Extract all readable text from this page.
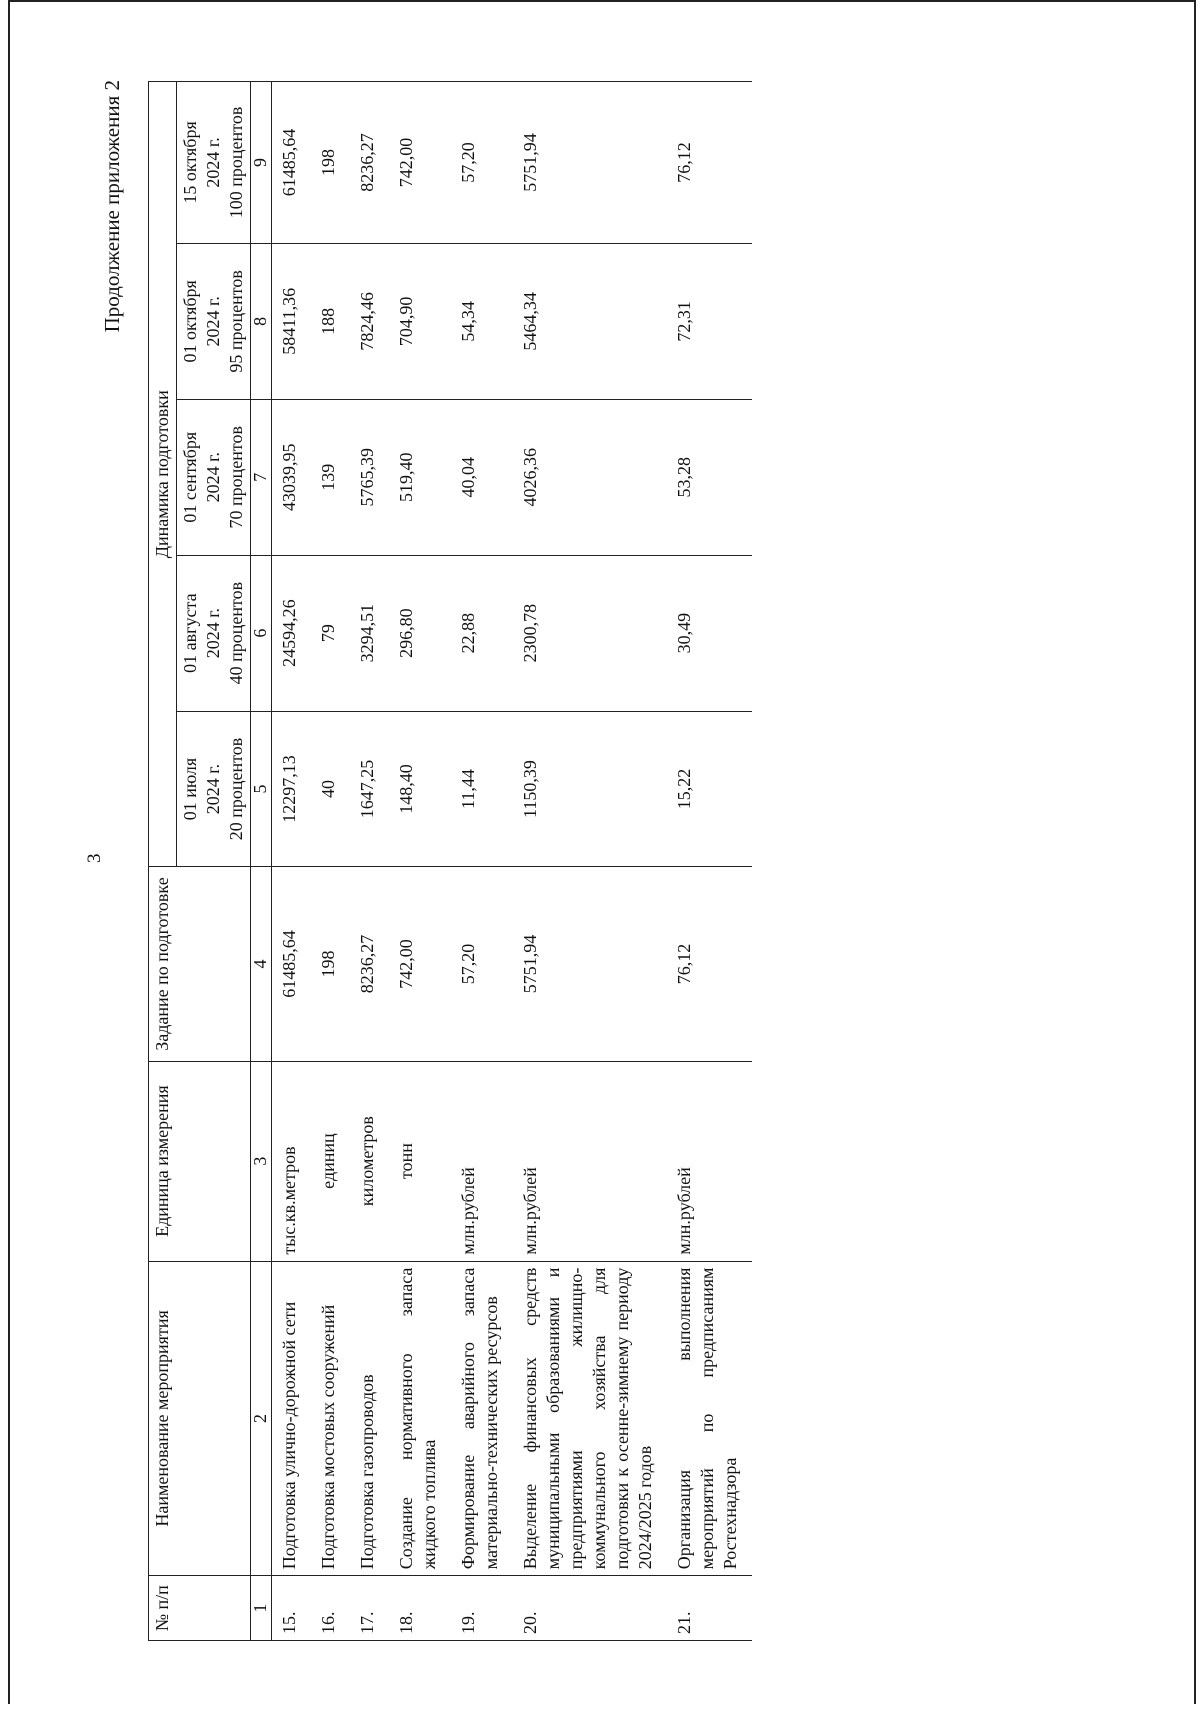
3
Продолжение приложения 2
№ п/п	Наименование мероприятия	Единица измерения	Задание по подготовке	Динамика подготовки				
				01 июля 2024 г. 20 процентов	01 августа 2024 г. 40 процентов	01 сентября 2024 г. 70 процентов	01 октября 2024 г. 95 процентов	15 октября 2024 г. 100 процентов
1	2	3	4	5	6	7	8	9
15.	Подготовка улично-дорожной сети	тыс.кв.метров	61485,64	12297,13	24594,26	43039,95	58411,36	61485,64
16.	Подготовка мостовых сооружений	единиц	198	40	79	139	188	198
17.	Подготовка газопроводов	километров	8236,27	1647,25	3294,51	5765,39	7824,46	8236,27
18.	Создание нормативного запаса жидкого топлива	тонн	742,00	148,40	296,80	519,40	704,90	742,00
19.	Формирование аварийного запаса материально-технических ресурсов	млн.рублей	57,20	11,44	22,88	40,04	54,34	57,20
20.	Выделение финансовых средств муниципальными образованиями и предприятиями жилищно-коммунального хозяйства для подготовки к осенне-зимнему периоду 2024/2025 годов	млн.рублей	5751,94	1150,39	2300,78	4026,36	5464,34	5751,94
21.	Организация выполнения мероприятий по предписаниям Ростехнадзора	млн.рублей	76,12	15,22	30,49	53,28	72,31	76,12
